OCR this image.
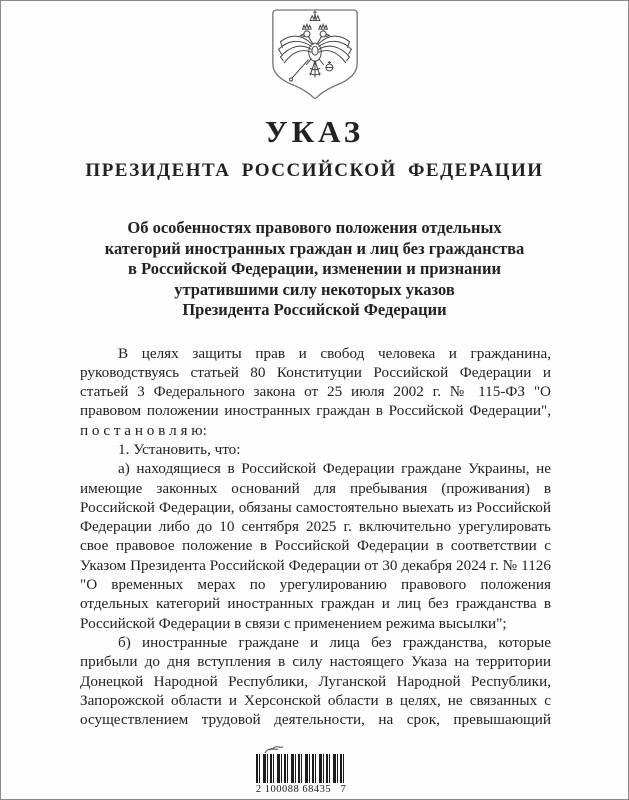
УКАЗ
ПРЕЗИДЕНТА РОССИЙСКОЙ ФЕДЕРАЦИИ
Об особенностях правового положения отдельных
категорий иностранных граждан и лиц без гражданства
в Российской Федерации, изменении и признании
утратившими силу некоторых указов
Президента Российской Федерации

В целях защиты прав и свобод человека и гражданина, руководствуясь статьей 80 Конституции Российской Федерации и статьей 3 Федерального закона от 25 июля 2002 г. № 115-ФЗ "О правовом положении иностранных граждан в Российской Федерации", п о с т а н о в л я ю:

1. Установить, что:

а) находящиеся в Российской Федерации граждане Украины, не имеющие законных оснований для пребывания (проживания) в Российской Федерации, обязаны самостоятельно выехать из Российской Федерации либо до 10 сентября 2025 г. включительно урегулировать свое правовое положение в Российской Федерации в соответствии с Указом Президента Российской Федерации от 30 декабря 2024 г. № 1126 "О временных мерах по урегулированию правового положения отдельных категорий иностранных граждан и лиц без гражданства в Российской Федерации в связи с применением режима высылки";

б) иностранные граждане и лица без гражданства, которые прибыли до дня вступления в силу настоящего Указа на территории Донецкой Народной Республики, Луганской Народной Республики, Запорожской области и Херсонской области в целях, не связанных с осуществлением трудовой деятельности, на срок, превышающий

2 100088 68435   7
